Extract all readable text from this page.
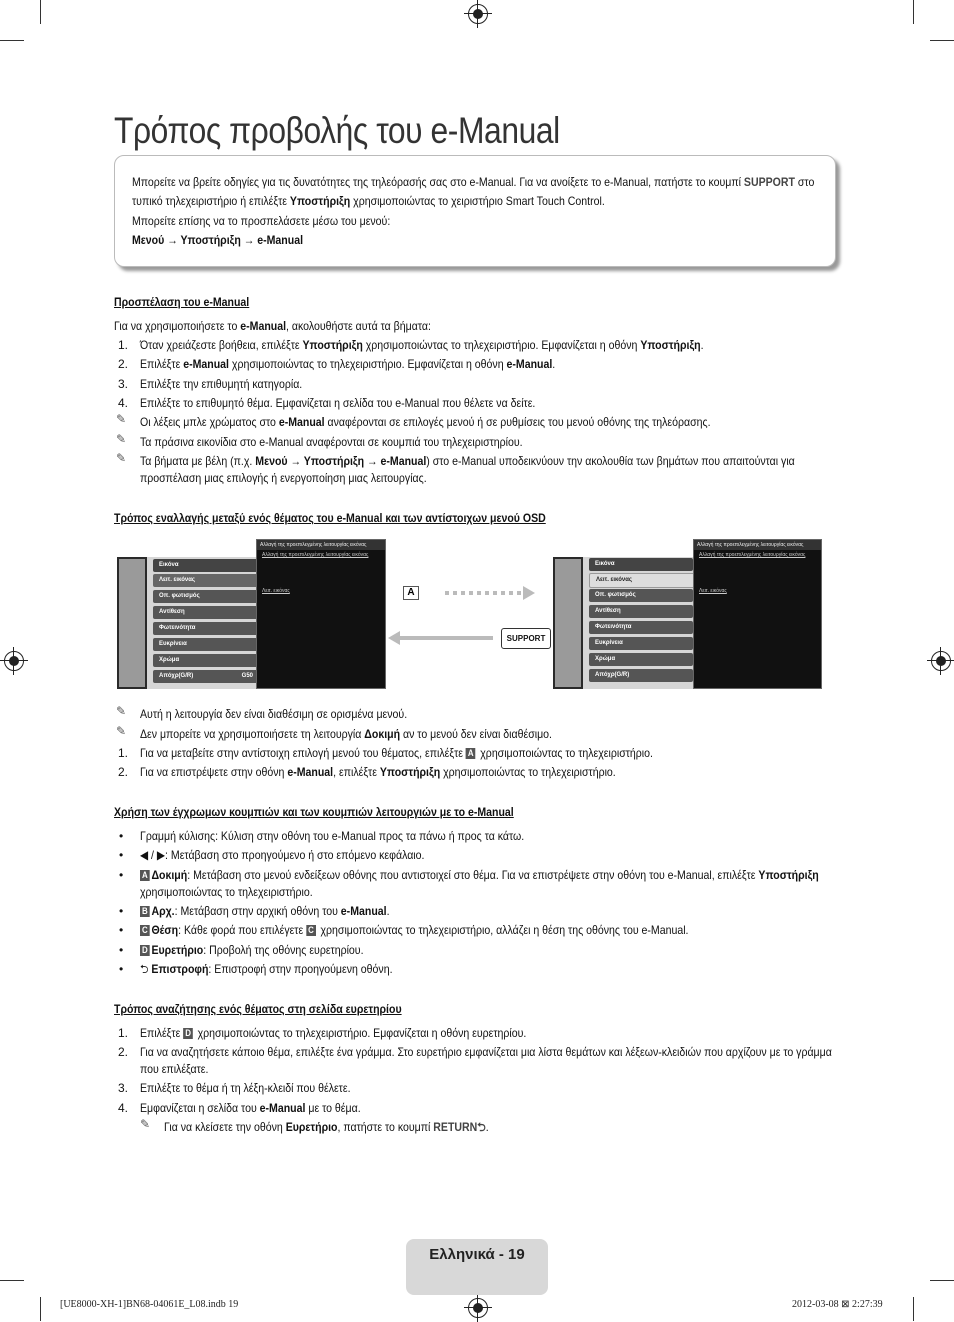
Τρόπος προβολής του e-Manual
Μπορείτε να βρείτε οδηγίες για τις δυνατότητες της τηλεόρασής σας στο e-Manual. Για να ανοίξετε το e-Manual, πατήστε το κουμπί SUPPORT στο
τυπικό τηλεχειριστήριο ή επιλέξτε Υποστήριξη χρησιμοποιώντας το χειριστήριο Smart Touch Control.
Μπορείτε επίσης να το προσπελάσετε μέσω του μενού:
Μενού → Υποστήριξη → e-Manual
Προσπέλαση του e-Manual
Για να χρησιμοποιήσετε το e-Manual, ακολουθήστε αυτά τα βήματα:
1. Όταν χρειάζεστε βοήθεια, επιλέξτε Υποστήριξη χρησιμοποιώντας το τηλεχειριστήριο. Εμφανίζεται η οθόνη Υποστήριξη.
2. Επιλέξτε e-Manual χρησιμοποιώντας το τηλεχειριστήριο. Εμφανίζεται η οθόνη e-Manual.
3. Επιλέξτε την επιθυμητή κατηγορία.
4. Επιλέξτε το επιθυμητό θέμα. Εμφανίζεται η σελίδα του e-Manual που θέλετε να δείτε.
✎ Οι λέξεις μπλε χρώματος στο e-Manual αναφέρονται σε επιλογές μενού ή σε ρυθμίσεις του μενού οθόνης της τηλεόρασης.
✎ Τα πράσινα εικονίδια στο e-Manual αναφέρονται σε κουμπιά του τηλεχειριστηρίου.
✎ Τα βήματα με βέλη (π.χ. Μενού → Υποστήριξη → e-Manual) στο e-Manual υποδεικνύουν την ακολουθία των βημάτων που απαιτούνται για
προσπέλαση μιας επιλογής ή ενεργοποίηση μιας λειτουργίας.
Τρόπος εναλλαγής μεταξύ ενός θέματος του e-Manual και των αντίστοιχων μενού OSD
Εικόνα
Λειτ. εικόνας
Οπ. φωτισμός
Αντίθεση
Φωτεινότητα
Ευκρίνεια
Χρώμα
Απόχρ(G/R)	G50
Αλλαγή της προεπιλεγμένης λειτουργίας εικόνας
Αλλαγή της προεπιλεγμένης λειτουργίας εικόνας
Λειτ. εικόνας	A
SUPPORT
Εικόνα
Λειτ. εικόνας
Οπ. φωτισμός
Αντίθεση
Φωτεινότητα
Ευκρίνεια
Χρώμα
Απόχρ(G/R)
Αλλαγή της προεπιλεγμένης λειτουργίας εικόνας
Αλλαγή της προεπιλεγμένης λειτουργίας εικόνας
Λειτ. εικόνας
✎ Αυτή η λειτουργία δεν είναι διαθέσιμη σε ορισμένα μενού.
✎ Δεν μπορείτε να χρησιμοποιήσετε τη λειτουργία Δοκιμή αν το μενού δεν είναι διαθέσιμο.
1. Για να μεταβείτε στην αντίστοιχη επιλογή μενού του θέματος, επιλέξτε A χρησιμοποιώντας το τηλεχειριστήριο.
2. Για να επιστρέψετε στην οθόνη e-Manual, επιλέξτε Υποστήριξη χρησιμοποιώντας το τηλεχειριστήριο.
Χρήση των έγχρωμων κουμπιών και των κουμπιών λειτουργιών με το e-Manual
• Γραμμή κύλισης: Κύλιση στην οθόνη του e-Manual προς τα πάνω ή προς τα κάτω.
• ◀ / ▶: Μετάβαση στο προηγούμενο ή στο επόμενο κεφάλαιο.
• A Δοκιμή: Μετάβαση στο μενού ενδείξεων οθόνης που αντιστοιχεί στο θέμα. Για να επιστρέψετε στην οθόνη του e-Manual, επιλέξτε Υποστήριξη
χρησιμοποιώντας το τηλεχειριστήριο.
• B Αρχ.: Μετάβαση στην αρχική οθόνη του e-Manual.
• C Θέση: Κάθε φορά που επιλέγετε C χρησιμοποιώντας το τηλεχειριστήριο, αλλάζει η θέση της οθόνης του e-Manual.
• D Ευρετήριο: Προβολή της οθόνης ευρετηρίου.
• ⮌ Επιστροφή: Επιστροφή στην προηγούμενη οθόνη.
Τρόπος αναζήτησης ενός θέματος στη σελίδα ευρετηρίου
1. Επιλέξτε D χρησιμοποιώντας το τηλεχειριστήριο. Εμφανίζεται η οθόνη ευρετηρίου.
2. Για να αναζητήσετε κάποιο θέμα, επιλέξτε ένα γράμμα. Στο ευρετήριο εμφανίζεται μια λίστα θεμάτων και λέξεων-κλειδιών που αρχίζουν με το γράμμα
που επιλέξατε.
3. Επιλέξτε το θέμα ή τη λέξη-κλειδί που θέλετε.
4. Εμφανίζεται η σελίδα του e-Manual με το θέμα.
✎ Για να κλείσετε την οθόνη Ευρετήριο, πατήστε το κουμπί RETURN⮌.
Ελληνικά - 19
[UE8000-XH-1]BN68-04061E_L08.indb 19	2012-03-08 ⊠ 2:27:39
